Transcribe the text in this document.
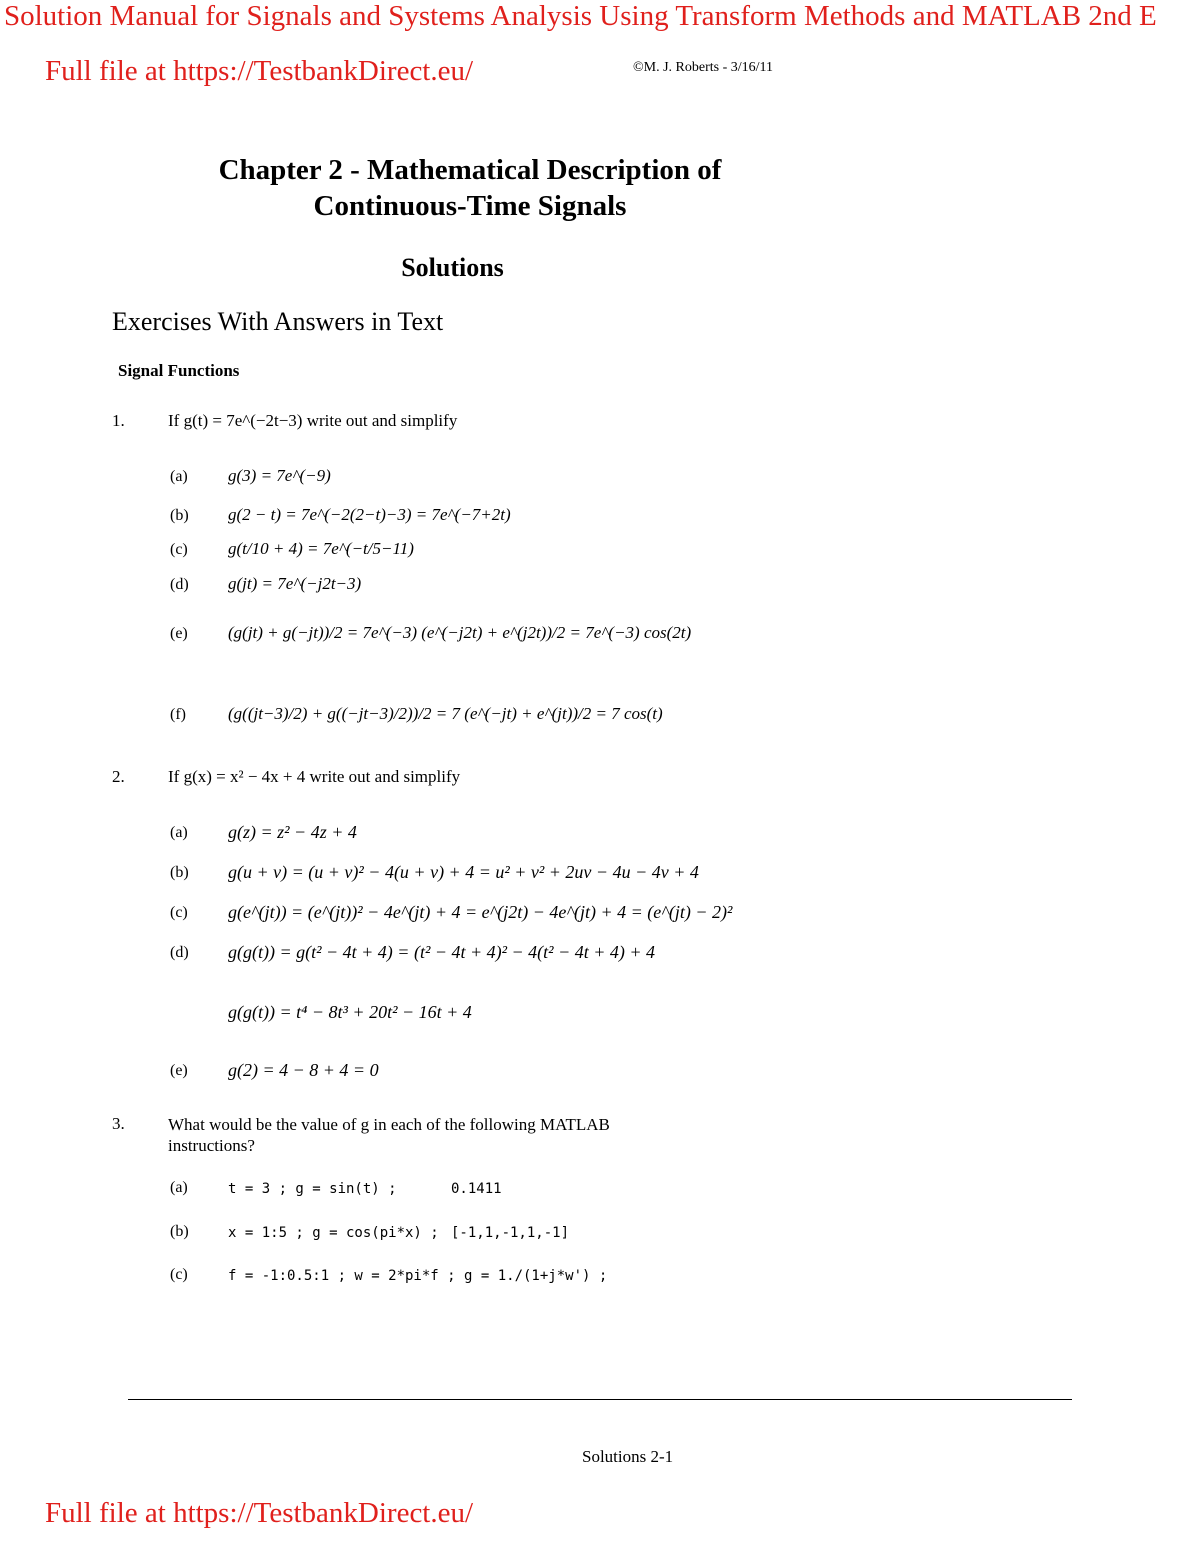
Solution Manual for Signals and Systems Analysis Using Transform Methods and MATLAB 2nd E
Full file at https://TestbankDirect.eu/	©M. J. Roberts - 3/16/11
Chapter 2 - Mathematical Description of
Continuous-Time Signals
Solutions
Exercises With Answers in Text
Signal Functions
1.	If g(t) = 7e^(−2t−3) write out and simplify
(a) g(3) = 7e^(−9)
(b) g(2 − t) = 7e^(−2(2−t)−3) = 7e^(−7+2t)
(c) g(t/10 + 4) = 7e^(−t/5−11)
(d) g(jt) = 7e^(−j2t−3)
(e) (g(jt) + g(−jt))/2 = 7e^(−3) (e^(−j2t) + e^(j2t))/2 = 7e^(−3) cos(2t)
(f) (g((jt−3)/2) + g((−jt−3)/2))/2 = 7 (e^(−jt) + e^(jt))/2 = 7 cos(t)
2.	If g(x) = x² − 4x + 4 write out and simplify
(a) g(z) = z² − 4z + 4
(b) g(u + v) = (u + v)² − 4(u + v) + 4 = u² + v² + 2uv − 4u − 4v + 4
(c) g(e^(jt)) = (e^(jt))² − 4e^(jt) + 4 = e^(j2t) − 4e^(jt) + 4 = (e^(jt) − 2)²
(d) g(g(t)) = g(t² − 4t + 4) = (t² − 4t + 4)² − 4(t² − 4t + 4) + 4
g(g(t)) = t⁴ − 8t³ + 20t² − 16t + 4
(e) g(2) = 4 − 8 + 4 = 0
3.	What would be the value of g in each of the following MATLAB instructions?
(a)	t = 3 ; g = sin(t) ;	0.1411
(b)	x = 1:5 ; g = cos(pi*x) ; [-1,1,-1,1,-1]
(c)	f = -1:0.5:1 ; w = 2*pi*f ; g = 1./(1+j*w') ;
Solutions 2-1
Full file at https://TestbankDirect.eu/
